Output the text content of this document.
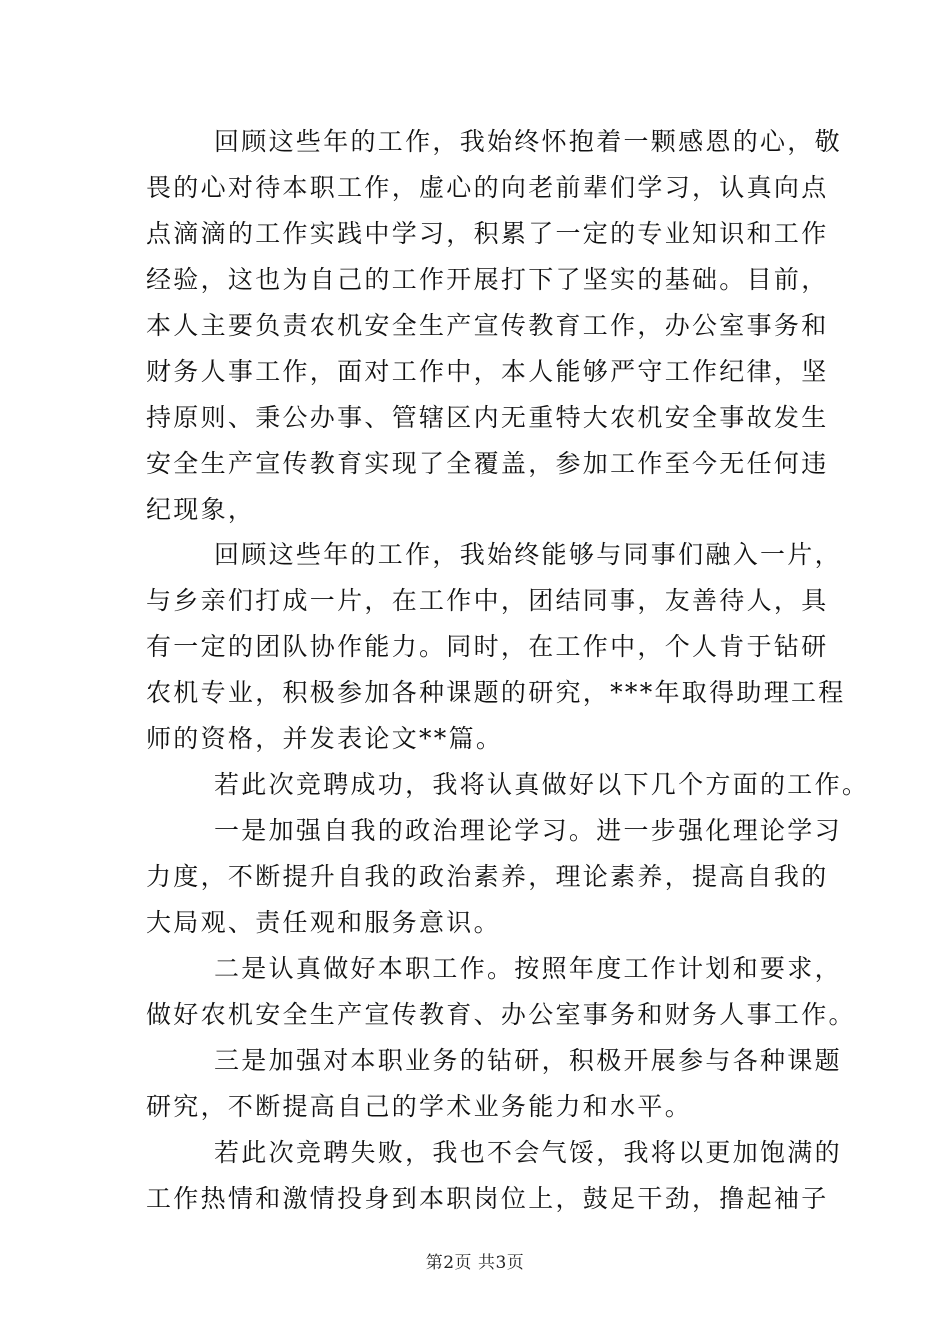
回顾这些年的工作，我始终怀抱着一颗感恩的心，敬
畏的心对待本职工作，虚心的向老前辈们学习，认真向点
点滴滴的工作实践中学习，积累了一定的专业知识和工作
经验，这也为自己的工作开展打下了坚实的基础。目前，
本人主要负责农机安全生产宣传教育工作，办公室事务和
财务人事工作，面对工作中，本人能够严守工作纪律，坚
持原则、秉公办事、管辖区内无重特大农机安全事故发生
安全生产宣传教育实现了全覆盖，参加工作至今无任何违
纪现象，
回顾这些年的工作，我始终能够与同事们融入一片，
与乡亲们打成一片，在工作中，团结同事，友善待人，具
有一定的团队协作能力。同时，在工作中，个人肯于钻研
农机专业，积极参加各种课题的研究，***年取得助理工程
师的资格，并发表论文**篇。
若此次竞聘成功，我将认真做好以下几个方面的工作。
一是加强自我的政治理论学习。进一步强化理论学习
力度，不断提升自我的政治素养，理论素养，提高自我的
大局观、责任观和服务意识。
二是认真做好本职工作。按照年度工作计划和要求，
做好农机安全生产宣传教育、办公室事务和财务人事工作。
三是加强对本职业务的钻研，积极开展参与各种课题
研究，不断提高自己的学术业务能力和水平。
若此次竞聘失败，我也不会气馁，我将以更加饱满的
工作热情和激情投身到本职岗位上，鼓足干劲，撸起袖子
第2页 共3页
